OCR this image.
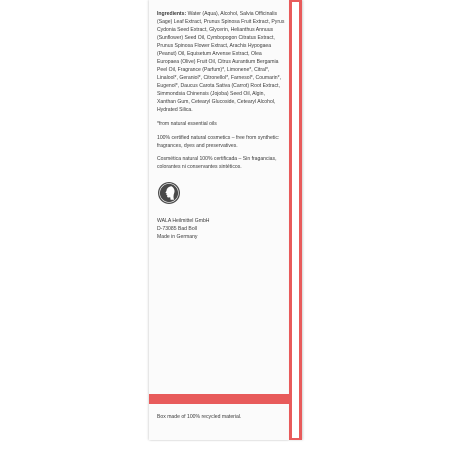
Ingredients: Water (Aqua), Alcohol, Salvia Officinalis (Sage) Leaf Extract, Prunus Spinosa Fruit Extract, Pyrus Cydonia Seed Extract, Glycerin, Helianthus Annuus (Sunflower) Seed Oil, Cymbopogon Citratus Extract, Prunus Spinosa Flower Extract, Arachis Hypogaea (Peanut) Oil, Equisetum Arvense Extract, Olea Europaea (Olive) Fruit Oil, Citrus Aurantium Bergamia Peel Oil, Fragrance (Parfum)*, Limonene*, Citral*, Linalool*, Geraniol*, Citronellol*, Farnesol*, Coumarin*, Eugenol*, Daucus Carota Sativa (Carrot) Root Extract, Simmondsia Chinensis (Jojoba) Seed Oil, Algin, Xanthan Gum, Cetearyl Glucoside, Cetearyl Alcohol, Hydrated Silica.

*from natural essential oils

100% certified natural cosmetics – free from synthetic: fragrances, dyes and preservatives.

Cosmética natural 100% certificada – Sin fragancias, colorantes ni conservantes sintéticos.

WALA Heilmittel GmbH

D-73085 Bad Boll

Made in Germany

Box made of 100% recycled material.
